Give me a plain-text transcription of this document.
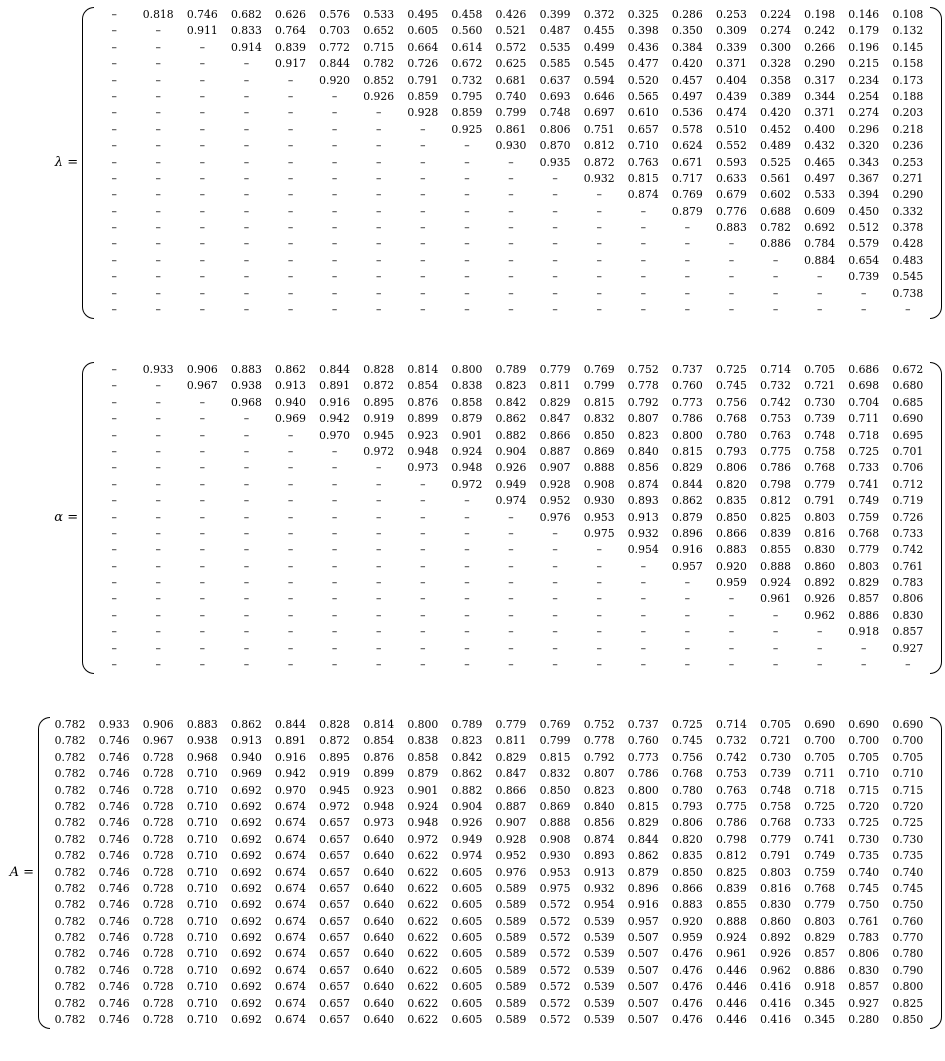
λ =
–	0.818	0.746	0.682	0.626	0.576	0.533	0.495	0.458	0.426	0.399	0.372	0.325	0.286	0.253	0.224	0.198	0.146	0.108
–	–	0.911	0.833	0.764	0.703	0.652	0.605	0.560	0.521	0.487	0.455	0.398	0.350	0.309	0.274	0.242	0.179	0.132
–	–	–	0.914	0.839	0.772	0.715	0.664	0.614	0.572	0.535	0.499	0.436	0.384	0.339	0.300	0.266	0.196	0.145
–	–	–	–	0.917	0.844	0.782	0.726	0.672	0.625	0.585	0.545	0.477	0.420	0.371	0.328	0.290	0.215	0.158
–	–	–	–	–	0.920	0.852	0.791	0.732	0.681	0.637	0.594	0.520	0.457	0.404	0.358	0.317	0.234	0.173
–	–	–	–	–	–	0.926	0.859	0.795	0.740	0.693	0.646	0.565	0.497	0.439	0.389	0.344	0.254	0.188
–	–	–	–	–	–	–	0.928	0.859	0.799	0.748	0.697	0.610	0.536	0.474	0.420	0.371	0.274	0.203
–	–	–	–	–	–	–	–	0.925	0.861	0.806	0.751	0.657	0.578	0.510	0.452	0.400	0.296	0.218
–	–	–	–	–	–	–	–	–	0.930	0.870	0.812	0.710	0.624	0.552	0.489	0.432	0.320	0.236
–	–	–	–	–	–	–	–	–	–	0.935	0.872	0.763	0.671	0.593	0.525	0.465	0.343	0.253
–	–	–	–	–	–	–	–	–	–	–	0.932	0.815	0.717	0.633	0.561	0.497	0.367	0.271
–	–	–	–	–	–	–	–	–	–	–	–	0.874	0.769	0.679	0.602	0.533	0.394	0.290
–	–	–	–	–	–	–	–	–	–	–	–	–	0.879	0.776	0.688	0.609	0.450	0.332
–	–	–	–	–	–	–	–	–	–	–	–	–	–	0.883	0.782	0.692	0.512	0.378
–	–	–	–	–	–	–	–	–	–	–	–	–	–	–	0.886	0.784	0.579	0.428
–	–	–	–	–	–	–	–	–	–	–	–	–	–	–	–	0.884	0.654	0.483
–	–	–	–	–	–	–	–	–	–	–	–	–	–	–	–	–	0.739	0.545
–	–	–	–	–	–	–	–	–	–	–	–	–	–	–	–	–	–	0.738
–	–	–	–	–	–	–	–	–	–	–	–	–	–	–	–	–	–	–
α =
–	0.933	0.906	0.883	0.862	0.844	0.828	0.814	0.800	0.789	0.779	0.769	0.752	0.737	0.725	0.714	0.705	0.686	0.672
–	–	0.967	0.938	0.913	0.891	0.872	0.854	0.838	0.823	0.811	0.799	0.778	0.760	0.745	0.732	0.721	0.698	0.680
–	–	–	0.968	0.940	0.916	0.895	0.876	0.858	0.842	0.829	0.815	0.792	0.773	0.756	0.742	0.730	0.704	0.685
–	–	–	–	0.969	0.942	0.919	0.899	0.879	0.862	0.847	0.832	0.807	0.786	0.768	0.753	0.739	0.711	0.690
–	–	–	–	–	0.970	0.945	0.923	0.901	0.882	0.866	0.850	0.823	0.800	0.780	0.763	0.748	0.718	0.695
–	–	–	–	–	–	0.972	0.948	0.924	0.904	0.887	0.869	0.840	0.815	0.793	0.775	0.758	0.725	0.701
–	–	–	–	–	–	–	0.973	0.948	0.926	0.907	0.888	0.856	0.829	0.806	0.786	0.768	0.733	0.706
–	–	–	–	–	–	–	–	0.972	0.949	0.928	0.908	0.874	0.844	0.820	0.798	0.779	0.741	0.712
–	–	–	–	–	–	–	–	–	0.974	0.952	0.930	0.893	0.862	0.835	0.812	0.791	0.749	0.719
–	–	–	–	–	–	–	–	–	–	0.976	0.953	0.913	0.879	0.850	0.825	0.803	0.759	0.726
–	–	–	–	–	–	–	–	–	–	–	0.975	0.932	0.896	0.866	0.839	0.816	0.768	0.733
–	–	–	–	–	–	–	–	–	–	–	–	0.954	0.916	0.883	0.855	0.830	0.779	0.742
–	–	–	–	–	–	–	–	–	–	–	–	–	0.957	0.920	0.888	0.860	0.803	0.761
–	–	–	–	–	–	–	–	–	–	–	–	–	–	0.959	0.924	0.892	0.829	0.783
–	–	–	–	–	–	–	–	–	–	–	–	–	–	–	0.961	0.926	0.857	0.806
–	–	–	–	–	–	–	–	–	–	–	–	–	–	–	–	0.962	0.886	0.830
–	–	–	–	–	–	–	–	–	–	–	–	–	–	–	–	–	0.918	0.857
–	–	–	–	–	–	–	–	–	–	–	–	–	–	–	–	–	–	0.927
–	–	–	–	–	–	–	–	–	–	–	–	–	–	–	–	–	–	–
A =
0.782	0.933	0.906	0.883	0.862	0.844	0.828	0.814	0.800	0.789	0.779	0.769	0.752	0.737	0.725	0.714	0.705	0.690	0.690	0.690
0.782	0.746	0.967	0.938	0.913	0.891	0.872	0.854	0.838	0.823	0.811	0.799	0.778	0.760	0.745	0.732	0.721	0.700	0.700	0.700
0.782	0.746	0.728	0.968	0.940	0.916	0.895	0.876	0.858	0.842	0.829	0.815	0.792	0.773	0.756	0.742	0.730	0.705	0.705	0.705
0.782	0.746	0.728	0.710	0.969	0.942	0.919	0.899	0.879	0.862	0.847	0.832	0.807	0.786	0.768	0.753	0.739	0.711	0.710	0.710
0.782	0.746	0.728	0.710	0.692	0.970	0.945	0.923	0.901	0.882	0.866	0.850	0.823	0.800	0.780	0.763	0.748	0.718	0.715	0.715
0.782	0.746	0.728	0.710	0.692	0.674	0.972	0.948	0.924	0.904	0.887	0.869	0.840	0.815	0.793	0.775	0.758	0.725	0.720	0.720
0.782	0.746	0.728	0.710	0.692	0.674	0.657	0.973	0.948	0.926	0.907	0.888	0.856	0.829	0.806	0.786	0.768	0.733	0.725	0.725
0.782	0.746	0.728	0.710	0.692	0.674	0.657	0.640	0.972	0.949	0.928	0.908	0.874	0.844	0.820	0.798	0.779	0.741	0.730	0.730
0.782	0.746	0.728	0.710	0.692	0.674	0.657	0.640	0.622	0.974	0.952	0.930	0.893	0.862	0.835	0.812	0.791	0.749	0.735	0.735
0.782	0.746	0.728	0.710	0.692	0.674	0.657	0.640	0.622	0.605	0.976	0.953	0.913	0.879	0.850	0.825	0.803	0.759	0.740	0.740
0.782	0.746	0.728	0.710	0.692	0.674	0.657	0.640	0.622	0.605	0.589	0.975	0.932	0.896	0.866	0.839	0.816	0.768	0.745	0.745
0.782	0.746	0.728	0.710	0.692	0.674	0.657	0.640	0.622	0.605	0.589	0.572	0.954	0.916	0.883	0.855	0.830	0.779	0.750	0.750
0.782	0.746	0.728	0.710	0.692	0.674	0.657	0.640	0.622	0.605	0.589	0.572	0.539	0.957	0.920	0.888	0.860	0.803	0.761	0.760
0.782	0.746	0.728	0.710	0.692	0.674	0.657	0.640	0.622	0.605	0.589	0.572	0.539	0.507	0.959	0.924	0.892	0.829	0.783	0.770
0.782	0.746	0.728	0.710	0.692	0.674	0.657	0.640	0.622	0.605	0.589	0.572	0.539	0.507	0.476	0.961	0.926	0.857	0.806	0.780
0.782	0.746	0.728	0.710	0.692	0.674	0.657	0.640	0.622	0.605	0.589	0.572	0.539	0.507	0.476	0.446	0.962	0.886	0.830	0.790
0.782	0.746	0.728	0.710	0.692	0.674	0.657	0.640	0.622	0.605	0.589	0.572	0.539	0.507	0.476	0.446	0.416	0.918	0.857	0.800
0.782	0.746	0.728	0.710	0.692	0.674	0.657	0.640	0.622	0.605	0.589	0.572	0.539	0.507	0.476	0.446	0.416	0.345	0.927	0.825
0.782	0.746	0.728	0.710	0.692	0.674	0.657	0.640	0.622	0.605	0.589	0.572	0.539	0.507	0.476	0.446	0.416	0.345	0.280	0.850
